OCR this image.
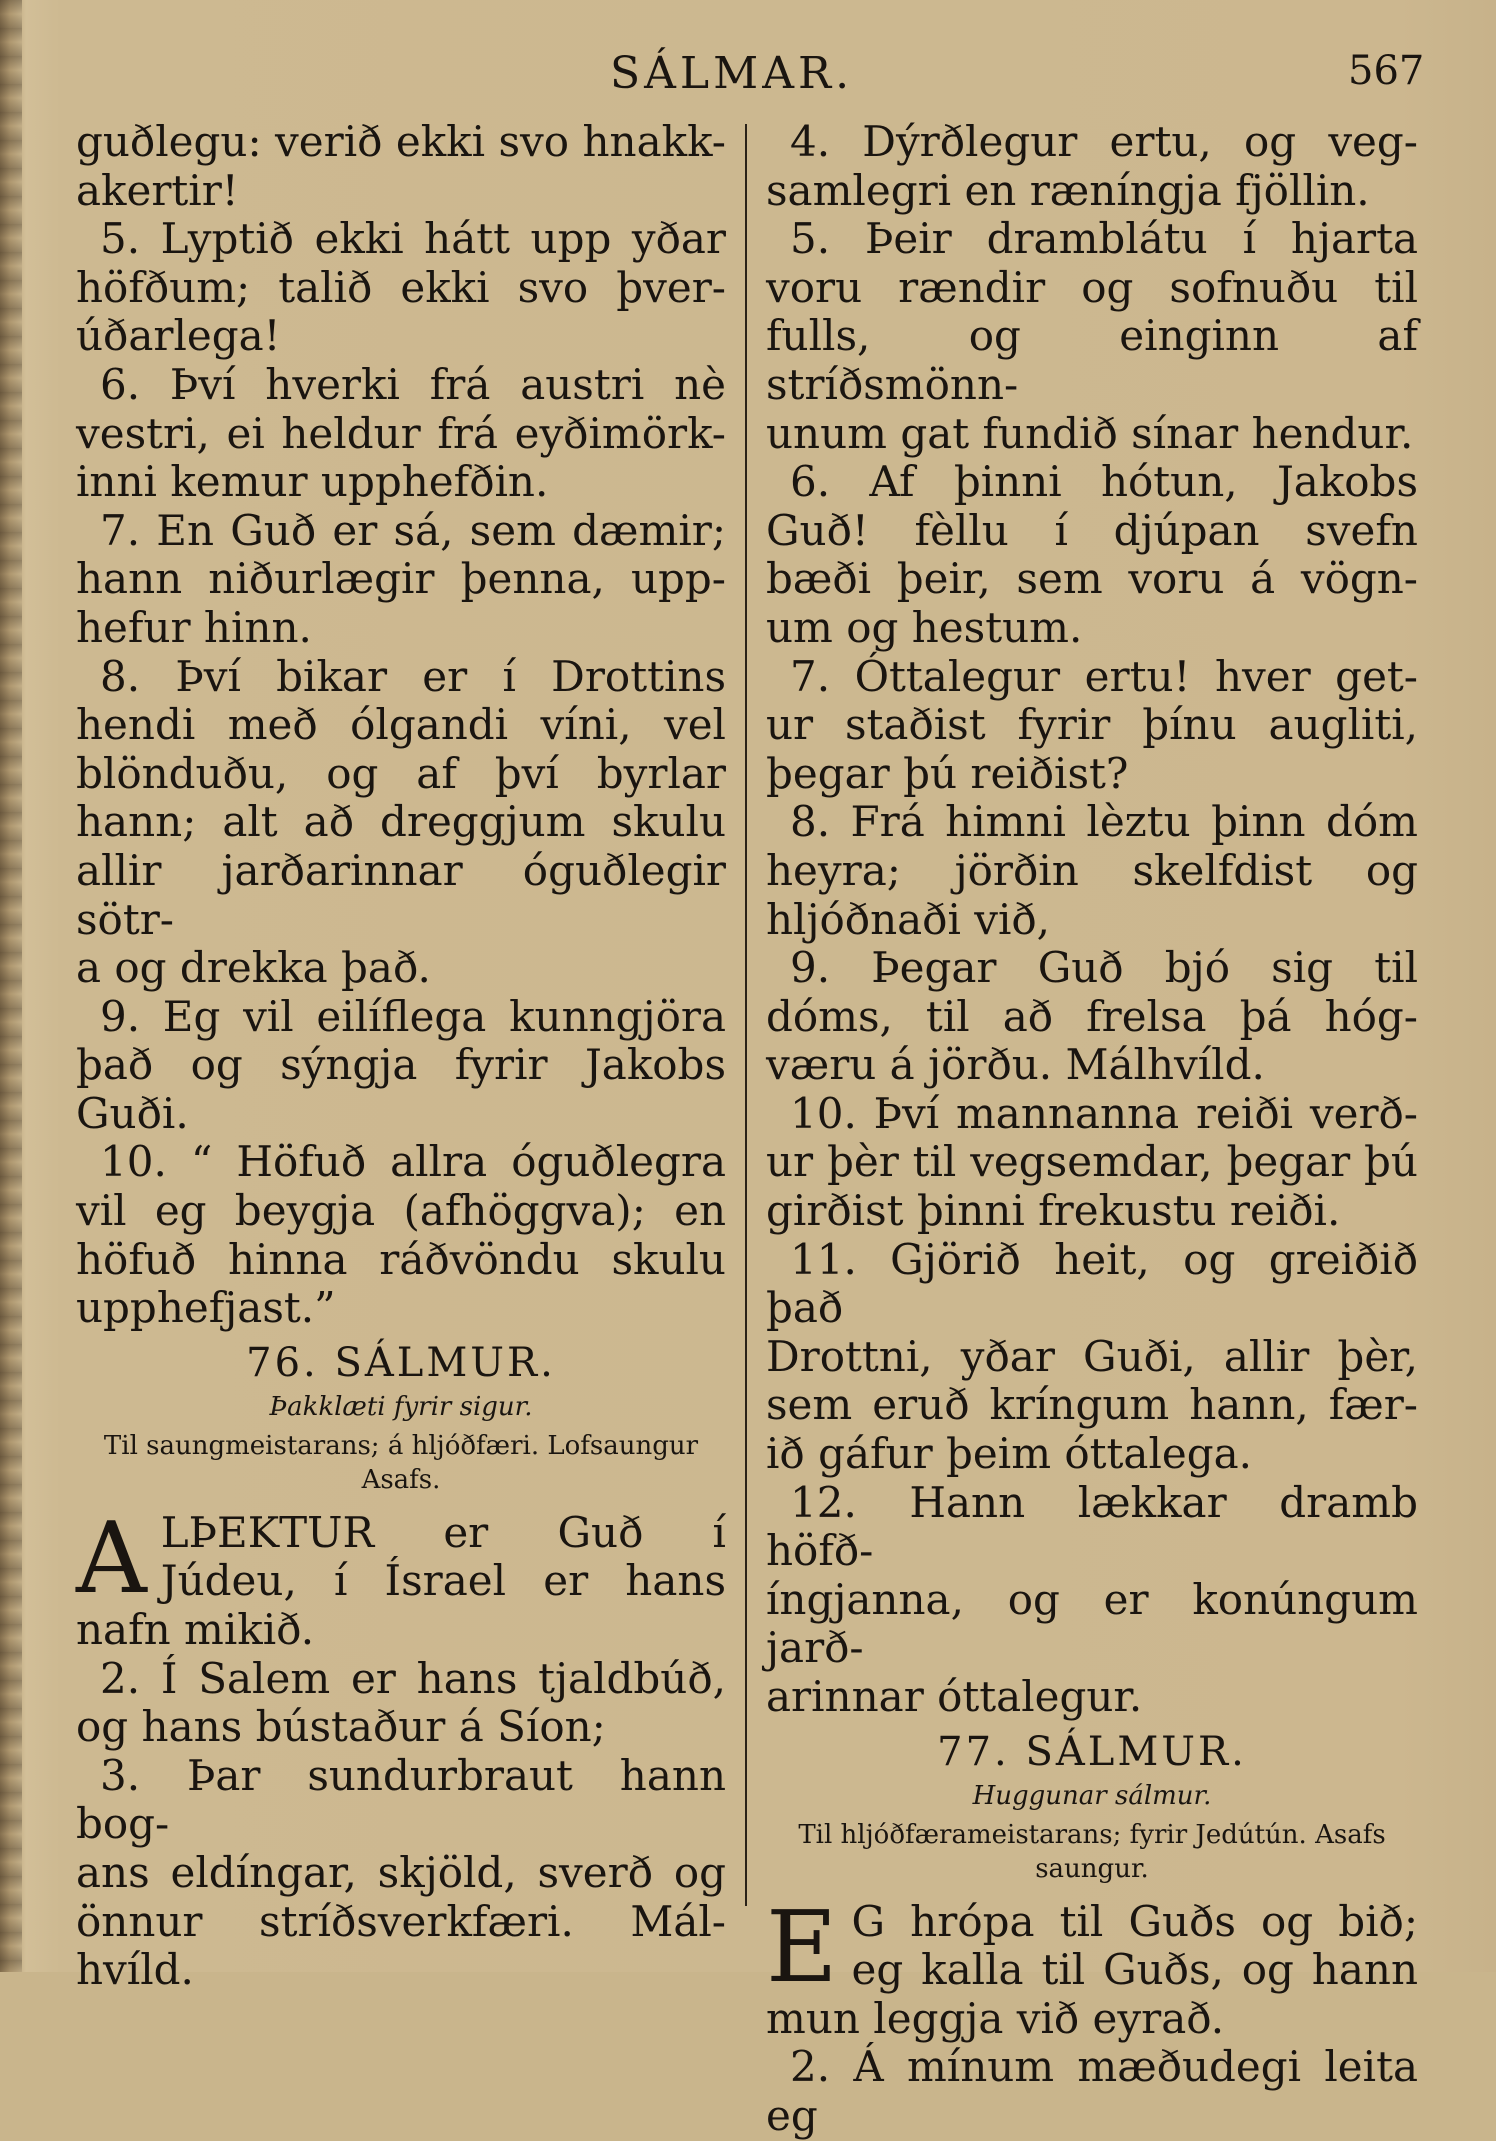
SÁLMAR.	567

guðlegu: verið ekki svo hnakk-

akertir!

5. Lyptið ekki hátt upp yðar

höfðum; talið ekki svo þver-

úðarlega!

6. Því hverki frá austri nè

vestri, ei heldur frá eyðimörk-

inni kemur upphefðin.

7. En Guð er sá, sem dæmir;

hann niðurlægir þenna, upp-

hefur hinn.

8. Því bikar er í Drottins

hendi með ólgandi víni, vel

blönduðu, og af því byrlar

hann; alt að dreggjum skulu

allir jarðarinnar óguðlegir sötr-

a og drekka það.

9. Eg vil eilíflega kunngjöra

það og sýngja fyrir Jakobs

Guði.

10. “ Höfuð allra óguðlegra

vil eg beygja (afhöggva); en

höfuð hinna ráðvöndu skulu

upphefjast.”

76. SÁLMUR.

Þakklæti fyrir sigur.

Til saungmeistarans; á hljóðfæri. Lofsaungur Asafs.

A LÞEKTUR er Guð í

Júdeu, í Ísrael er hans

nafn mikið.

2. Í Salem er hans tjaldbúð,

og hans bústaður á Síon;

3. Þar sundurbraut hann bog-

ans eldíngar, skjöld, sverð og

önnur stríðsverkfæri. Mál-

hvíld.

4. Dýrðlegur ertu, og veg-

samlegri en ræníngja fjöllin.

5. Þeir dramblátu í hjarta

voru rændir og sofnuðu til

fulls, og einginn af stríðsmönn-

unum gat fundið sínar hendur.

6. Af þinni hótun, Jakobs

Guð! fèllu í djúpan svefn

bæði þeir, sem voru á vögn-

um og hestum.

7. Óttalegur ertu! hver get-

ur staðist fyrir þínu augliti,

þegar þú reiðist?

8. Frá himni lèztu þinn dóm

heyra; jörðin skelfdist og

hljóðnaði við,

9. Þegar Guð bjó sig til

dóms, til að frelsa þá hóg-

væru á jörðu. Málhvíld.

10. Því mannanna reiði verð-

ur þèr til vegsemdar, þegar þú

girðist þinni frekustu reiði.

11. Gjörið heit, og greiðið það

Drottni, yðar Guði, allir þèr,

sem eruð kríngum hann, fær-

ið gáfur þeim óttalega.

12. Hann lækkar dramb höfð-

íngjanna, og er konúngum jarð-

arinnar óttalegur.

77. SÁLMUR.

Huggunar sálmur.

Til hljóðfærameistarans; fyrir Jedútún. Asafs saungur.

E G hrópa til Guðs og bið;

eg kalla til Guðs, og hann

mun leggja við eyrað.

2. Á mínum mæðudegi leita eg
